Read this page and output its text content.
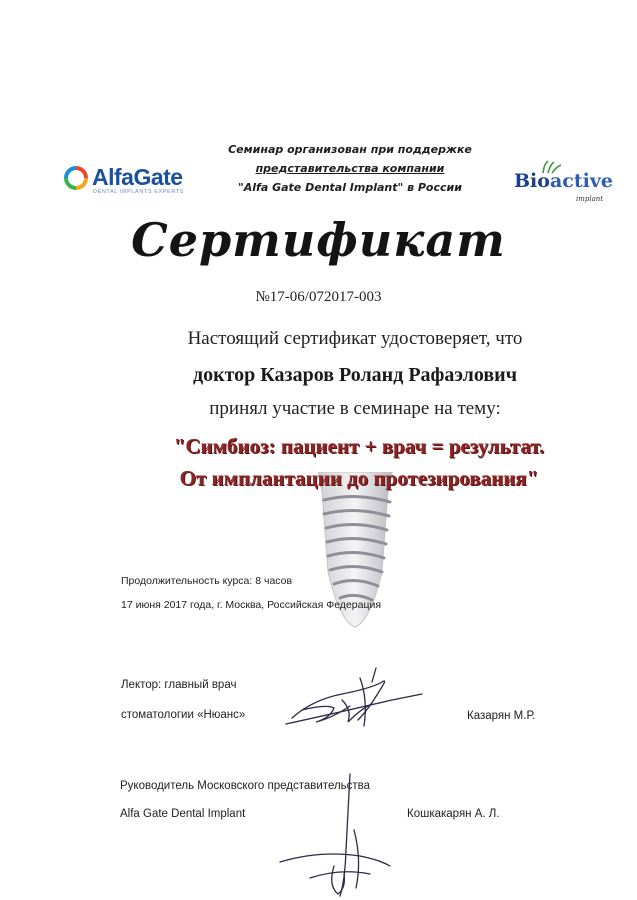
Семинар организован при поддержке
представительства компании
"Alfa Gate Dental Implant" в России
AlfaGate
DENTAL IMPLANTS EXPERTS	Bioactive
implant
Сертификат
№17-06/072017-003
Настоящий сертификат удостоверяет, что
доктор Казаров Роланд Рафаэлович
принял участие в семинаре на тему:
"Симбиоз: пациент + врач = результат.
От имплантации до протезирования"
Продолжительность курса: 8 часов
17 июня 2017 года, г. Москва, Российская Федерация
Лектор: главный врач
стоматологии «Нюанс»	Казарян М.Р.
Руководитель Московского представительства
Alfa Gate Dental Implant	Кошкакарян А. Л.
